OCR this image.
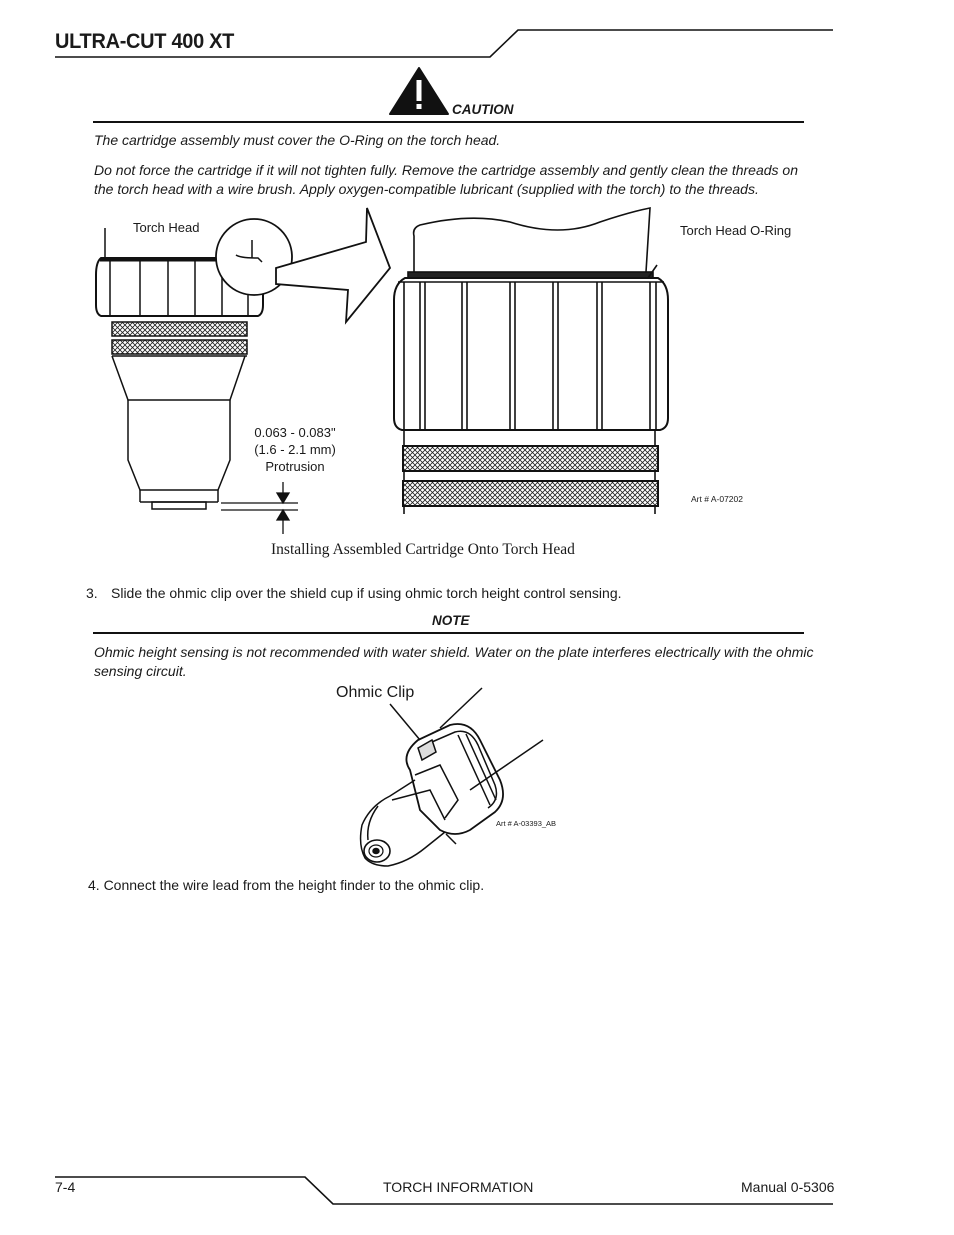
ULTRA-CUT 400 XT
CAUTION
The cartridge assembly must cover the O-Ring on the torch head.
Do not force the cartridge if it will not tighten fully. Remove the cartridge assembly and gently clean the threads on
the torch head with a wire brush. Apply oxygen-compatible lubricant (supplied with the torch) to the threads.
Torch Head	Torch Head O-Ring
0.063 - 0.083"
(1.6 - 2.1 mm)
Protrusion
Art # A-07202
Installing Assembled Cartridge Onto Torch Head
3. Slide the ohmic clip over the shield cup if using ohmic torch height control sensing.
NOTE
Ohmic height sensing is not recommended with water shield. Water on the plate interferes electrically with the ohmic
sensing circuit.
Ohmic Clip
Art # A-03393_AB
4. Connect the wire lead from the height finder to the ohmic clip.
7-4	TORCH INFORMATION	Manual 0-5306
